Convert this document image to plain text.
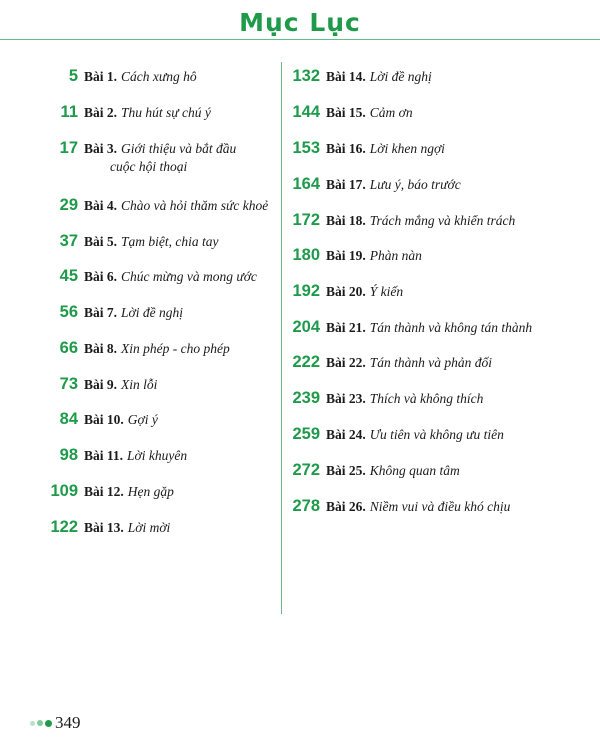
Mục Lục
5 Bài 1. Cách xưng hô
11 Bài 2. Thu hút sự chú ý
17 Bài 3. Giới thiệu và bắt đầu
cuộc hội thoại
29 Bài 4. Chào và hỏi thăm sức khoẻ
37 Bài 5. Tạm biệt, chia tay
45 Bài 6. Chúc mừng và mong ước
56 Bài 7. Lời đề nghị
66 Bài 8. Xin phép - cho phép
73 Bài 9. Xin lỗi
84 Bài 10. Gợi ý
98 Bài 11. Lời khuyên
109 Bài 12. Hẹn gặp
122 Bài 13. Lời mời
132 Bài 14. Lời đề nghị
144 Bài 15. Cảm ơn
153 Bài 16. Lời khen ngợi
164 Bài 17. Lưu ý, báo trước
172 Bài 18. Trách mắng và khiển trách
180 Bài 19. Phàn nàn
192 Bài 20. Ý kiến
204 Bài 21. Tán thành và không tán thành
222 Bài 22. Tán thành và phản đối
239 Bài 23. Thích và không thích
259 Bài 24. Ưu tiên và không ưu tiên
272 Bài 25. Không quan tâm
278 Bài 26. Niềm vui và điều khó chịu
349
